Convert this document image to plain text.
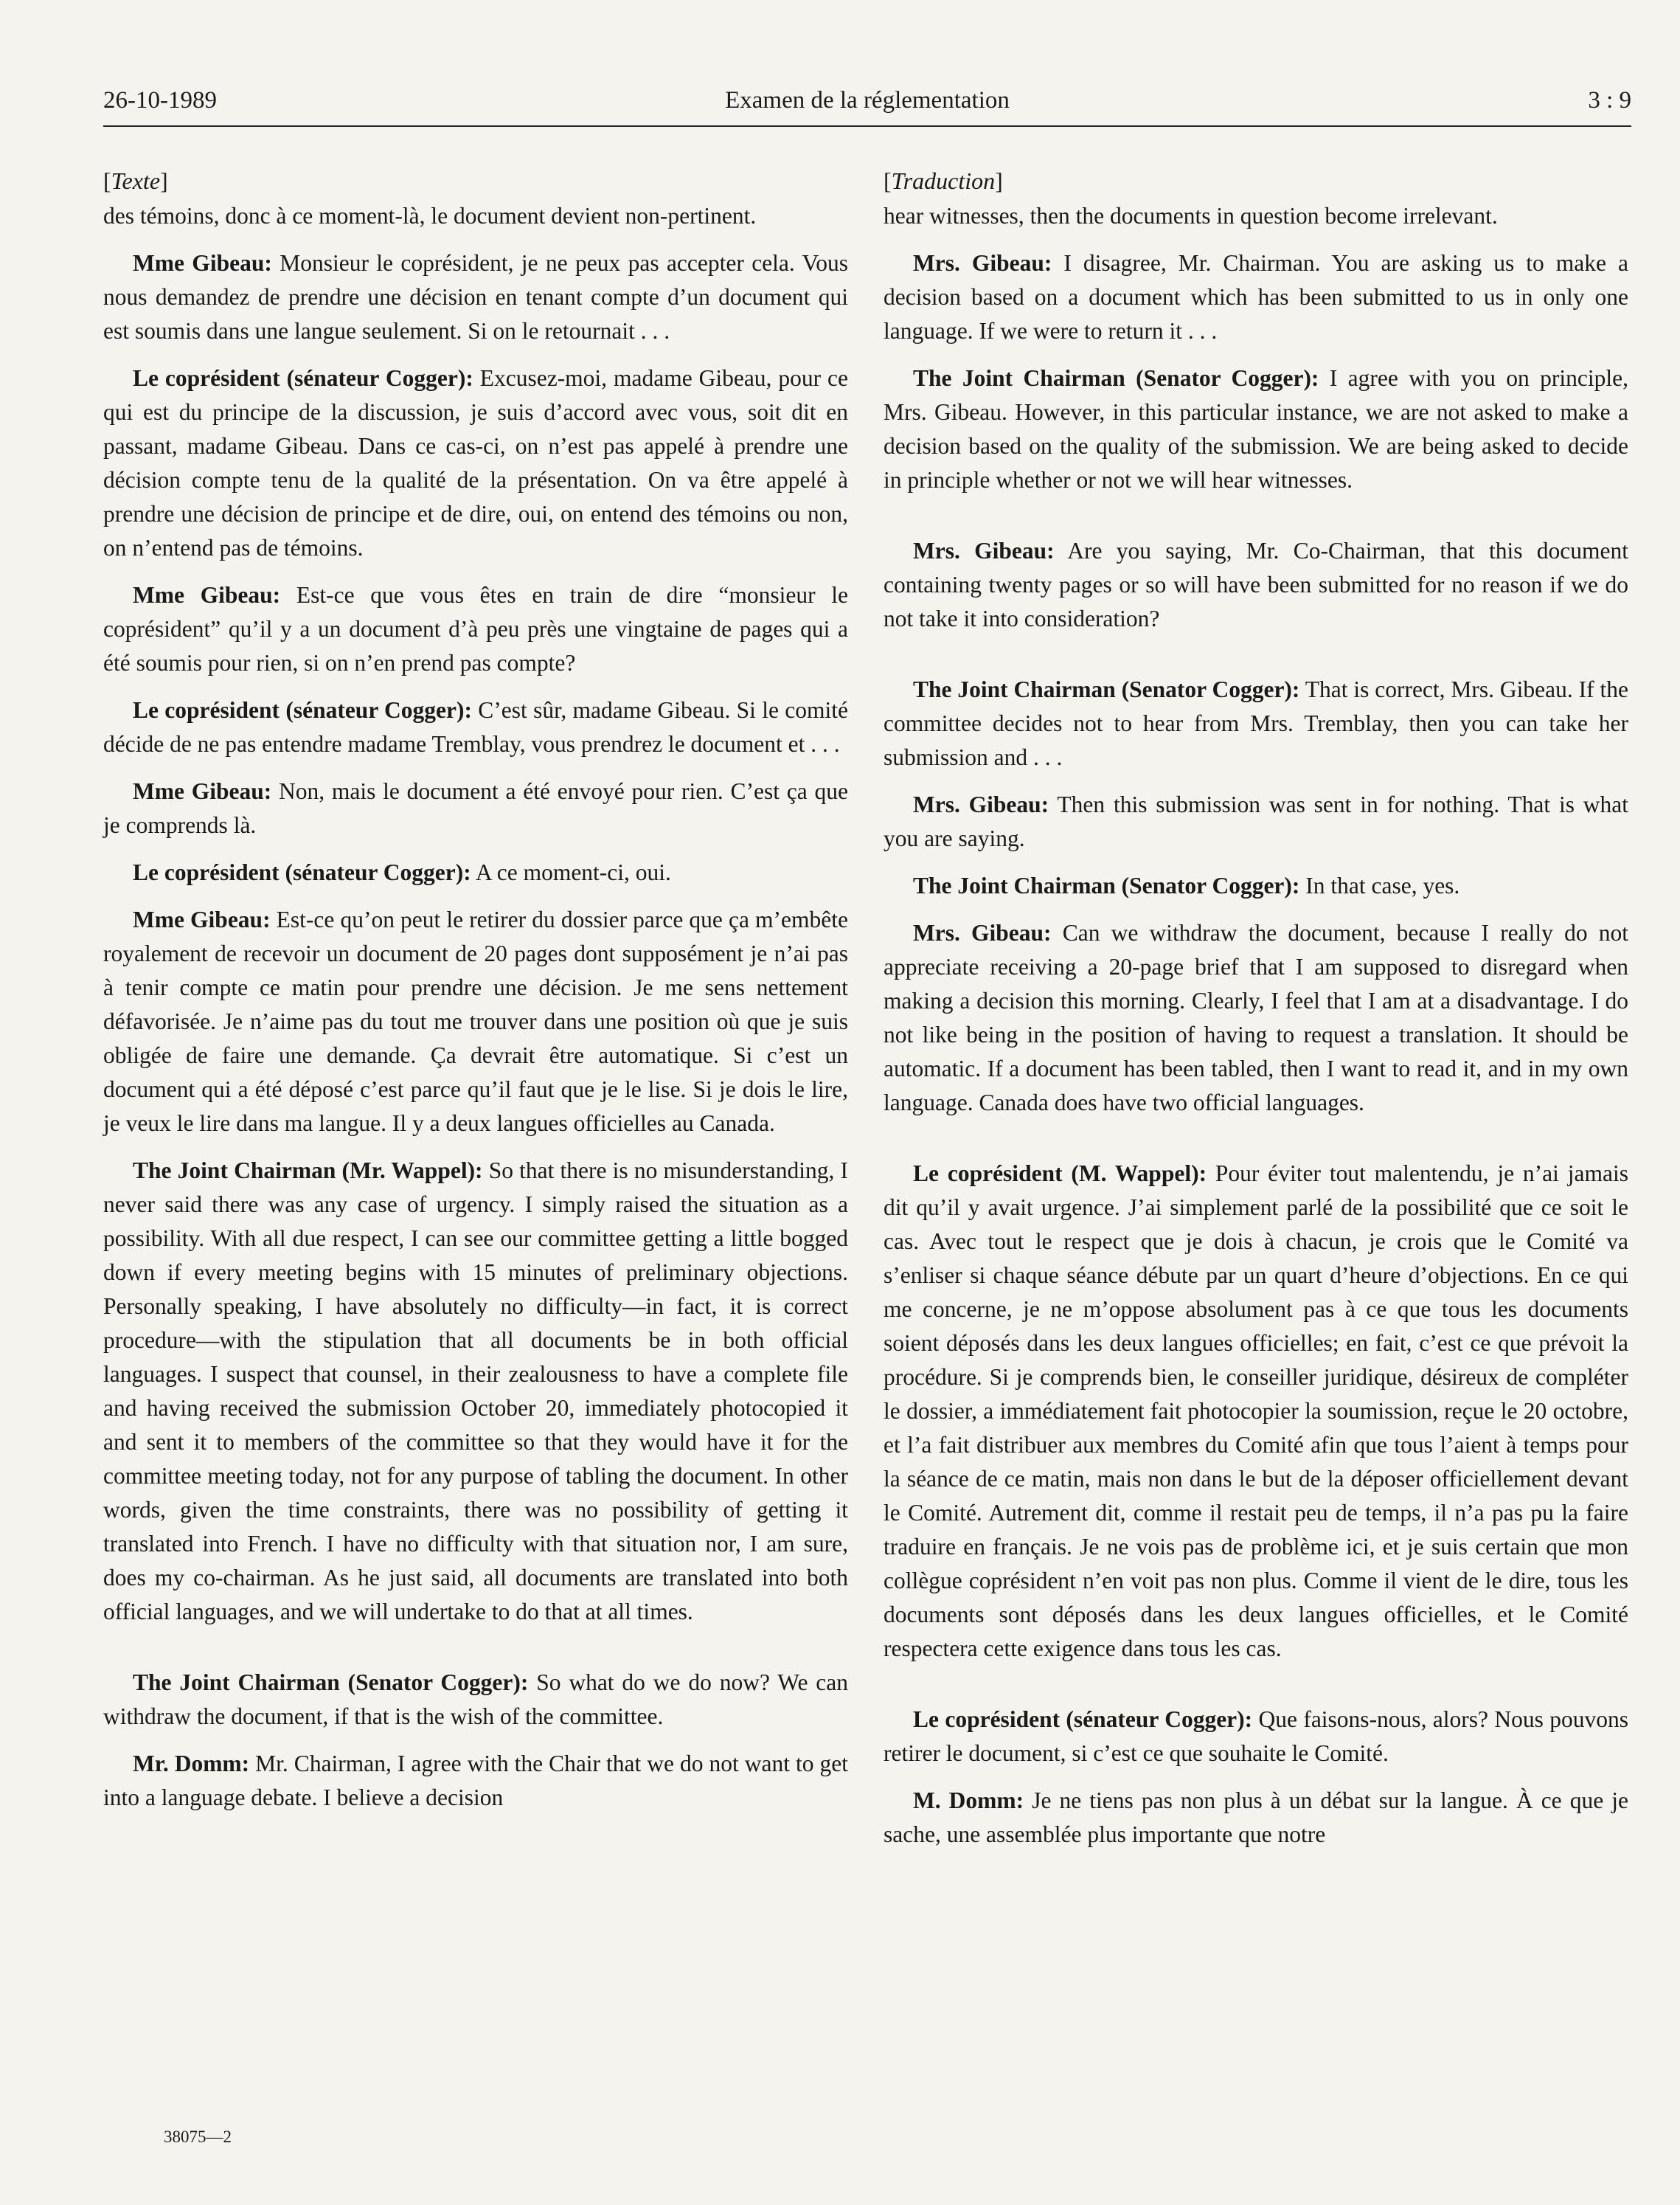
26-10-1989	Examen de la réglementation	3 : 9
[Texte]

des témoins, donc à ce moment-là, le document devient non-pertinent.

Mme Gibeau: Monsieur le coprésident, je ne peux pas accepter cela. Vous nous demandez de prendre une décision en tenant compte d’un document qui est soumis dans une langue seulement. Si on le retournait . . .

Le coprésident (sénateur Cogger): Excusez-moi, madame Gibeau, pour ce qui est du principe de la discussion, je suis d’accord avec vous, soit dit en passant, madame Gibeau. Dans ce cas-ci, on n’est pas appelé à prendre une décision compte tenu de la qualité de la présentation. On va être appelé à prendre une décision de principe et de dire, oui, on entend des témoins ou non, on n’entend pas de témoins.

Mme Gibeau: Est-ce que vous êtes en train de dire “monsieur le coprésident” qu’il y a un document d’à peu près une vingtaine de pages qui a été soumis pour rien, si on n’en prend pas compte?

Le coprésident (sénateur Cogger): C’est sûr, madame Gibeau. Si le comité décide de ne pas entendre madame Tremblay, vous prendrez le document et . . .

Mme Gibeau: Non, mais le document a été envoyé pour rien. C’est ça que je comprends là.

Le coprésident (sénateur Cogger): A ce moment-ci, oui.

Mme Gibeau: Est-ce qu’on peut le retirer du dossier parce que ça m’embête royalement de recevoir un document de 20 pages dont supposément je n’ai pas à tenir compte ce matin pour prendre une décision. Je me sens nettement défavorisée. Je n’aime pas du tout me trouver dans une position où que je suis obligée de faire une demande. Ça devrait être automatique. Si c’est un document qui a été déposé c’est parce qu’il faut que je le lise. Si je dois le lire, je veux le lire dans ma langue. Il y a deux langues officielles au Canada.

The Joint Chairman (Mr. Wappel): So that there is no misunderstanding, I never said there was any case of urgency. I simply raised the situation as a possibility. With all due respect, I can see our committee getting a little bogged down if every meeting begins with 15 minutes of preliminary objections. Personally speaking, I have absolutely no difficulty—in fact, it is correct procedure—with the stipulation that all documents be in both official languages. I suspect that counsel, in their zealousness to have a complete file and having received the submission October 20, immediately photocopied it and sent it to members of the committee so that they would have it for the committee meeting today, not for any purpose of tabling the document. In other words, given the time constraints, there was no possibility of getting it translated into French. I have no difficulty with that situation nor, I am sure, does my co-chairman. As he just said, all documents are translated into both official languages, and we will undertake to do that at all times.

The Joint Chairman (Senator Cogger): So what do we do now? We can withdraw the document, if that is the wish of the committee.

Mr. Domm: Mr. Chairman, I agree with the Chair that we do not want to get into a language debate. I believe a decision

[Traduction]

hear witnesses, then the documents in question become irrelevant.

Mrs. Gibeau: I disagree, Mr. Chairman. You are asking us to make a decision based on a document which has been submitted to us in only one language. If we were to return it . . .

The Joint Chairman (Senator Cogger): I agree with you on principle, Mrs. Gibeau. However, in this particular instance, we are not asked to make a decision based on the quality of the submission. We are being asked to decide in principle whether or not we will hear witnesses.

Mrs. Gibeau: Are you saying, Mr. Co-Chairman, that this document containing twenty pages or so will have been submitted for no reason if we do not take it into consideration?

The Joint Chairman (Senator Cogger): That is correct, Mrs. Gibeau. If the committee decides not to hear from Mrs. Tremblay, then you can take her submission and . . .

Mrs. Gibeau: Then this submission was sent in for nothing. That is what you are saying.

The Joint Chairman (Senator Cogger): In that case, yes.

Mrs. Gibeau: Can we withdraw the document, because I really do not appreciate receiving a 20-page brief that I am supposed to disregard when making a decision this morning. Clearly, I feel that I am at a disadvantage. I do not like being in the position of having to request a translation. It should be automatic. If a document has been tabled, then I want to read it, and in my own language. Canada does have two official languages.

Le coprésident (M. Wappel): Pour éviter tout malentendu, je n’ai jamais dit qu’il y avait urgence. J’ai simplement parlé de la possibilité que ce soit le cas. Avec tout le respect que je dois à chacun, je crois que le Comité va s’enliser si chaque séance débute par un quart d’heure d’objections. En ce qui me concerne, je ne m’oppose absolument pas à ce que tous les documents soient déposés dans les deux langues officielles; en fait, c’est ce que prévoit la procédure. Si je comprends bien, le conseiller juridique, désireux de compléter le dossier, a immédiatement fait photocopier la soumission, reçue le 20 octobre, et l’a fait distribuer aux membres du Comité afin que tous l’aient à temps pour la séance de ce matin, mais non dans le but de la déposer officiellement devant le Comité. Autrement dit, comme il restait peu de temps, il n’a pas pu la faire traduire en français. Je ne vois pas de problème ici, et je suis certain que mon collègue coprésident n’en voit pas non plus. Comme il vient de le dire, tous les documents sont déposés dans les deux langues officielles, et le Comité respectera cette exigence dans tous les cas.

Le coprésident (sénateur Cogger): Que faisons-nous, alors? Nous pouvons retirer le document, si c’est ce que souhaite le Comité.

M. Domm: Je ne tiens pas non plus à un débat sur la langue. À ce que je sache, une assemblée plus importante que notre

38075—2
